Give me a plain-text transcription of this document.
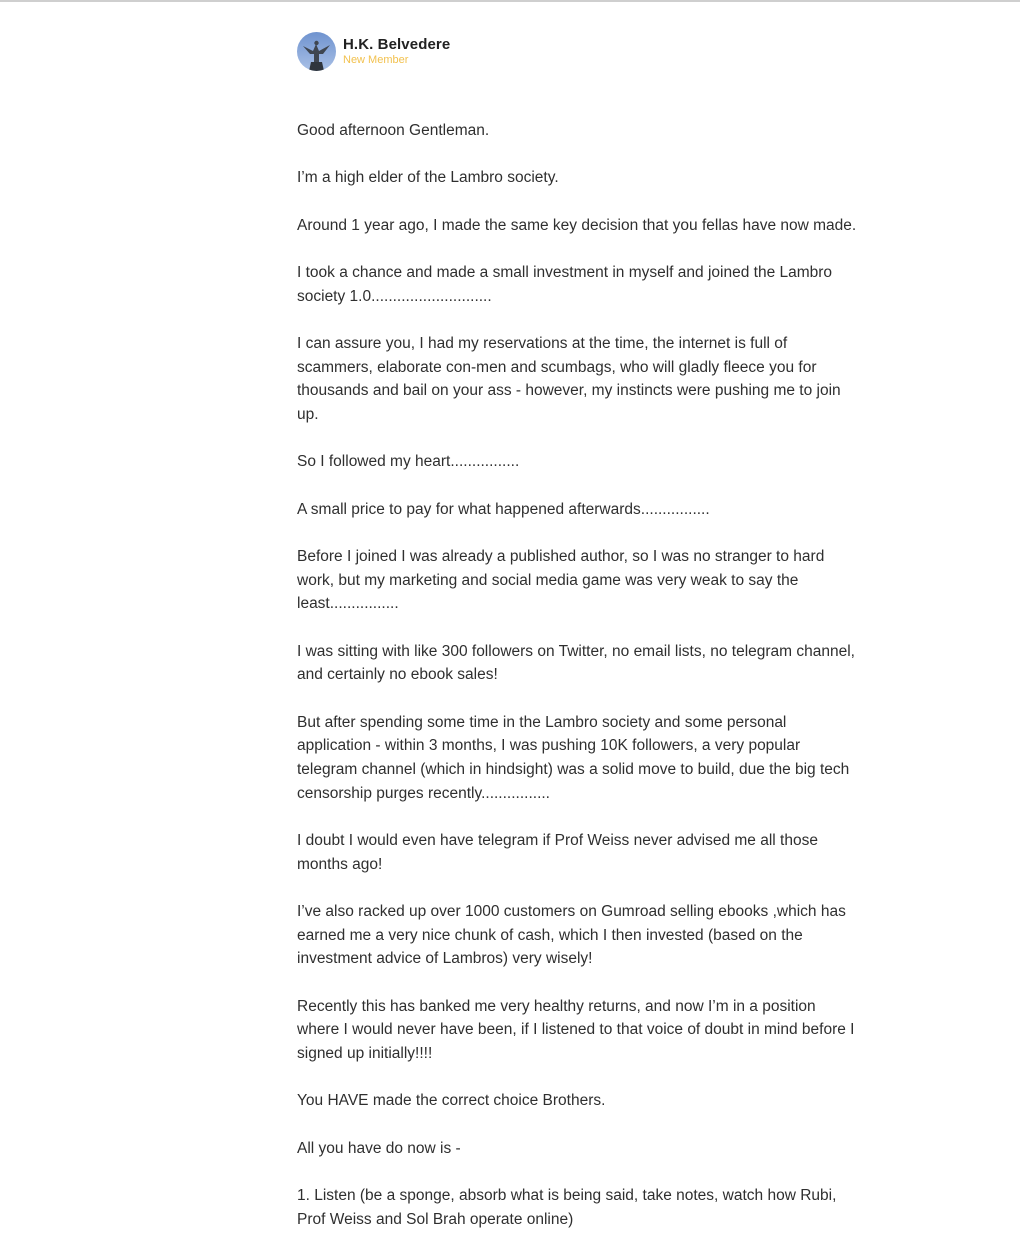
H.K. Belvedere
New Member

Good afternoon Gentleman.

I’m a high elder of the Lambro society.

Around 1 year ago, I made the same key decision that you fellas have now made.

I took a chance and made a small investment in myself and joined the Lambro society 1.0............................

I can assure you, I had my reservations at the time, the internet is full of scammers, elaborate con-men and scumbags, who will gladly fleece you for thousands and bail on your ass - however, my instincts were pushing me to join up.

So I followed my heart................

A small price to pay for what happened afterwards................

Before I joined I was already a published author, so I was no stranger to hard work, but my marketing and social media game was very weak to say the least................

I was sitting with like 300 followers on Twitter, no email lists, no telegram channel, and certainly no ebook sales!

But after spending some time in the Lambro society and some personal application - within 3 months, I was pushing 10K followers, a very popular telegram channel (which in hindsight) was a solid move to build, due the big tech censorship purges recently................

I doubt I would even have telegram if Prof Weiss never advised me all those months ago!

I’ve also racked up over 1000 customers on Gumroad selling ebooks ,which has earned me a very nice chunk of cash, which I then invested (based on the investment advice of Lambros) very wisely!

Recently this has banked me very healthy returns, and now I’m in a position where I would never have been, if I listened to that voice of doubt in mind before I signed up initially!!!!

You HAVE made the correct choice Brothers.

All you have do now is -

1. Listen (be a sponge, absorb what is being said, take notes, watch how Rubi, Prof Weiss and Sol Brah operate online)
